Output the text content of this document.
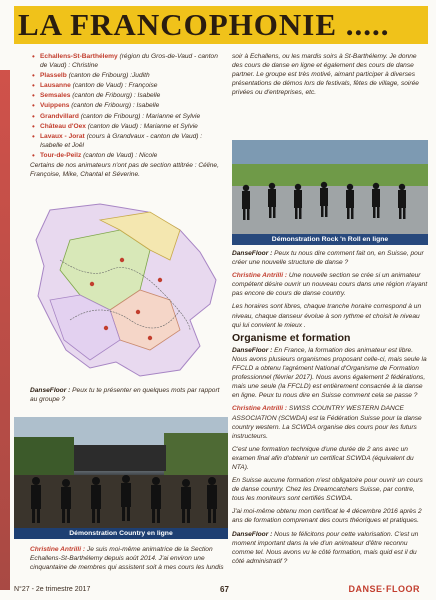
LA FRANCOPHONIE .....
• Echallens-St-Barthélemy (région du Gros-de-Vaud - canton de Vaud) : Christine
• Plasselb (canton de Fribourg) :Judith
• Lausanne (canton de Vaud) : Françoise
• Semsales (canton de Fribourg) : Isabelle
• Vuippens (canton de Fribourg) : Isabelle
• Grandvillard (canton de Fribourg) : Marianne et Sylvie
• Château d'Oex (canton de Vaud) : Marianne et Sylvie
• Lavaux - Jorat (cours à Grandvaux - canton de Vaud) : Isabelle et Joël
• Tour-de-Peilz (canton de Vaud) : Nicole

Certains de nos animateurs n'ont pas de section attitrée : Céline, Françoise, Mike, Chantal et Séverine.

DanseFloor : Peux tu te présenter en quelques mots par rapport au groupe ?

Démonstration Country en ligne

Christine Antrilli : Je suis moi-même animatrice de la Section Echallens-St-Barthélemy depuis août 2014. J'ai environ une cinquantaine de membres qui assistent soit à mes cours les lundis

soir à Echallens, ou les mardis soirs à St-Barthélemy. Je donne des cours de danse en ligne et également des cours de danse partner. Le groupe est très motivé, aimant participer à diverses présentations de démos lors de festivals, fêtes de village, soirée privées ou d'entreprises, etc.

Démonstration Rock 'n Roll en ligne

DanseFloor : Peux tu nous dire comment fait on, en Suisse, pour créer une nouvelle structure de danse ?

Christine Antrilli : Une nouvelle section se crée si un animateur compétent désire ouvrir un nouveau cours dans une région n'ayant pas encore de cours de danse country.

Les horaires sont libres, chaque tranche horaire correspond à un niveau, chaque danseur évolue à son rythme et choisit le niveau qui lui convient le mieux .

Organisme et formation

DanseFloor : En France, la formation des animateur est libre. Nous avons plusieurs organismes proposant celle-ci, mais seule la FFCLD a obtenu l'agrément National d'Organisme de Formation professionnel (février 2017). Nous avons également 2 fédérations, mais une seule (la FFCLD) est entièrement consacrée à la danse en ligne. Peux tu nous dire en Suisse comment cela se passe ?

Christine Antrilli : SWISS COUNTRY WESTERN DANCE ASSOCIATION (SCWDA) est la Fédération Suisse pour la danse country western. La SCWDA organise des cours pour les futurs instructeurs.

C'est une formation technique d'une durée de 2 ans avec un examen final afin d'obtenir un certificat SCWDA (équivalent du NTA).

En Suisse aucune formation n'est obligatoire pour ouvrir un cours de danse country. Chez les Dreamcatchers Suisse, par contre, tous les moniteurs sont certifiés SCWDA.

J'ai moi-même obtenu mon certificat le 4 décembre 2016 après 2 ans de formation comprenant des cours théoriques et pratiques.

DanseFloor : Nous te félicitons pour cette valorisation. C'est un moment important dans la vie d'un animateur d'être reconnu comme tel. Nous avons vu le côté formation, mais quid est il du côté administratif ?

N°27 - 2e trimestre 2017	67	DANSE·FLOOR
